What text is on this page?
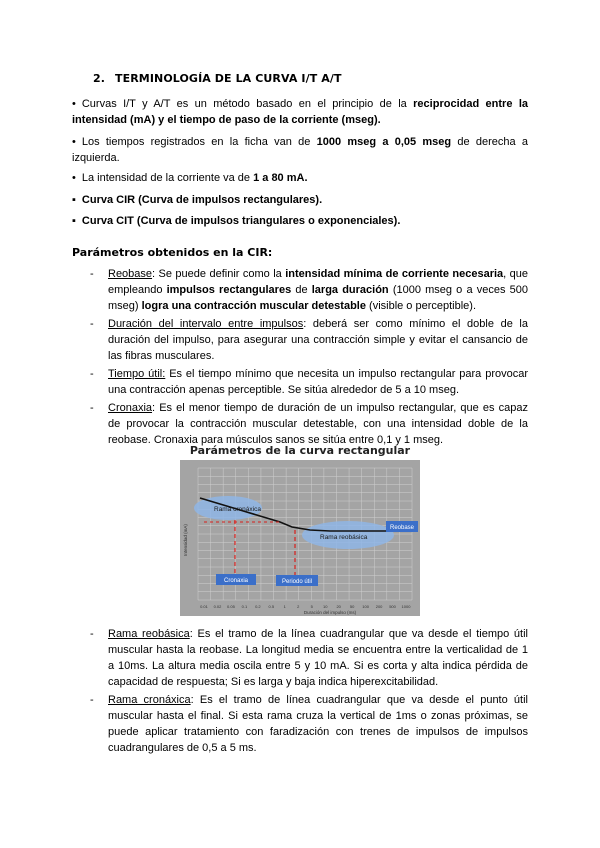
2. TERMINOLOGÍA DE LA CURVA I/T A/T
• Curvas I/T y A/T es un método basado en el principio de la reciprocidad entre la intensidad (mA) y el tiempo de paso de la corriente (mseg).
• Los tiempos registrados en la ficha van de 1000 mseg a 0,05 mseg de derecha a izquierda.
• La intensidad de la corriente va de 1 a 80 mA.
▪ Curva CIR (Curva de impulsos rectangulares).
▪ Curva CIT (Curva de impulsos triangulares o exponenciales).
Parámetros obtenidos en la CIR:
- Reobase: Se puede definir como la intensidad mínima de corriente necesaria, que empleando impulsos rectangulares de larga duración (1000 mseg o a veces 500 mseg) logra una contracción muscular detestable (visible o perceptible).
- Duración del intervalo entre impulsos: deberá ser como mínimo el doble de la duración del impulso, para asegurar una contracción simple y evitar el cansancio de las fibras musculares.
- Tiempo útil: Es el tiempo mínimo que necesita un impulso rectangular para provocar una contracción apenas perceptible. Se sitúa alrededor de 5 a 10 mseg.
- Cronaxia: Es el menor tiempo de duración de un impulso rectangular, que es capaz de provocar la contracción muscular detestable, con una intensidad doble de la reobase. Cronaxia para músculos sanos se sitúa entre 0,1 y 1 mseg.
Parámetros de la curva rectangular
Rama cronáxica
Rama reobásica
Reobase
Cronaxia	Periodo útil
Intensidad (mA)
Duración del impulso (ms)
0.01 0.02 0.05 0.1 0.2 0.5 1	2	5	10 20 50 100 200 500 1000
- Rama reobásica: Es el tramo de la línea cuadrangular que va desde el tiempo útil muscular hasta la reobase. La longitud media se encuentra entre la verticalidad de 1 a 10ms. La altura media oscila entre 5 y 10 mA. Si es corta y alta indica pérdida de capacidad de respuesta; Si es larga y baja indica hiperexcitabilidad.
- Rama cronáxica: Es el tramo de línea cuadrangular que va desde el punto útil muscular hasta el final. Si esta rama cruza la vertical de 1ms o zonas próximas, se puede aplicar tratamiento con faradización con trenes de impulsos de impulsos cuadrangulares de 0,5 a 5 ms.
